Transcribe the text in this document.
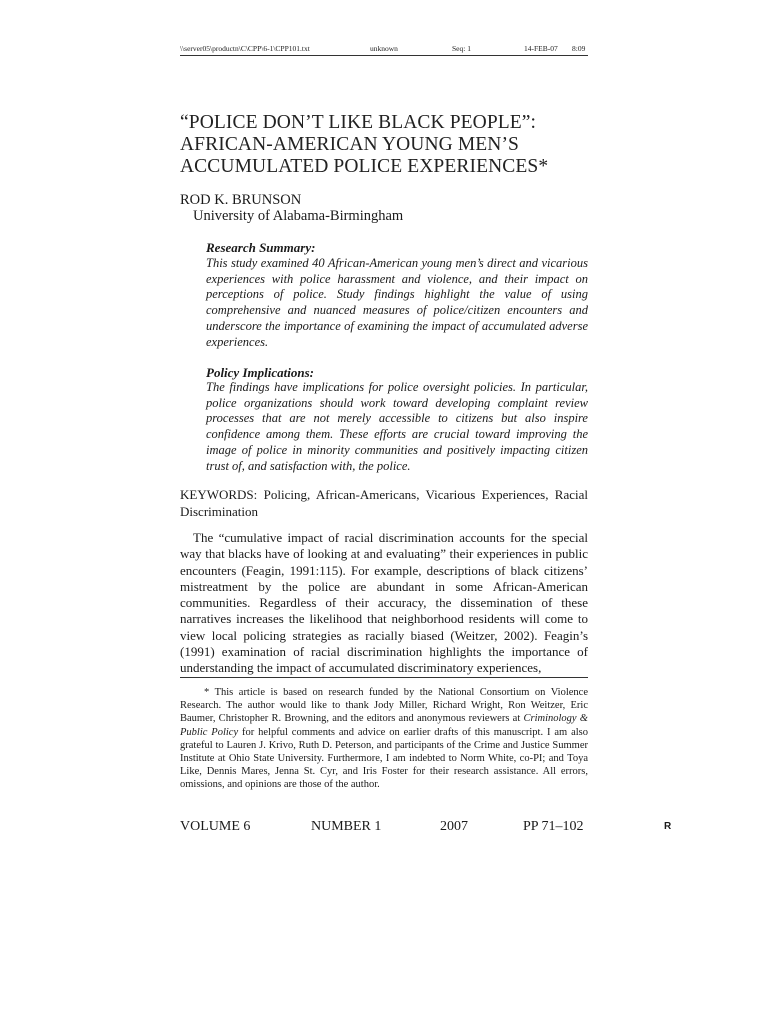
\\server05\productn\C\CPP\6-1\CPP101.txt	unknown	Seq: 1	14-FEB-07 8:09

“POLICE DON’T LIKE BLACK PEOPLE”:
AFRICAN-AMERICAN YOUNG MEN’S
ACCUMULATED POLICE EXPERIENCES*
ROD K. BRUNSON
University of Alabama-Birmingham
Research Summary:
This study examined 40 African-American young men’s direct and vicarious experiences with police harassment and violence, and their impact on perceptions of police. Study findings highlight the value of using comprehensive and nuanced measures of police/citizen encounters and underscore the importance of examining the impact of accumulated adverse experiences.
Policy Implications:
The findings have implications for police oversight policies. In particular, police organizations should work toward developing complaint review processes that are not merely accessible to citizens but also inspire confidence among them. These efforts are crucial toward improving the image of police in minority communities and positively impacting citizen trust of, and satisfaction with, the police.
KEYWORDS: Policing, African-Americans, Vicarious Experiences, Racial Discrimination
The “cumulative impact of racial discrimination accounts for the special way that blacks have of looking at and evaluating” their experiences in public encounters (Feagin, 1991:115). For example, descriptions of black citizens’ mistreatment by the police are abundant in some African-American communities. Regardless of their accuracy, the dissemination of these narratives increases the likelihood that neighborhood residents will come to view local policing strategies as racially biased (Weitzer, 2002). Feagin’s (1991) examination of racial discrimination highlights the importance of understanding the impact of accumulated discriminatory experiences,
* This article is based on research funded by the National Consortium on Violence Research. The author would like to thank Jody Miller, Richard Wright, Ron Weitzer, Eric Baumer, Christopher R. Browning, and the editors and anonymous reviewers at Criminology & Public Policy for helpful comments and advice on earlier drafts of this manuscript. I am also grateful to Lauren J. Krivo, Ruth D. Peterson, and participants of the Crime and Justice Summer Institute at Ohio State University. Furthermore, I am indebted to Norm White, co-PI; and Toya Like, Dennis Mares, Jenna St. Cyr, and Iris Foster for their research assistance. All errors, omissions, and opinions are those of the author.
VOLUME 6	NUMBER 1	2007	PP 71–102
	R
